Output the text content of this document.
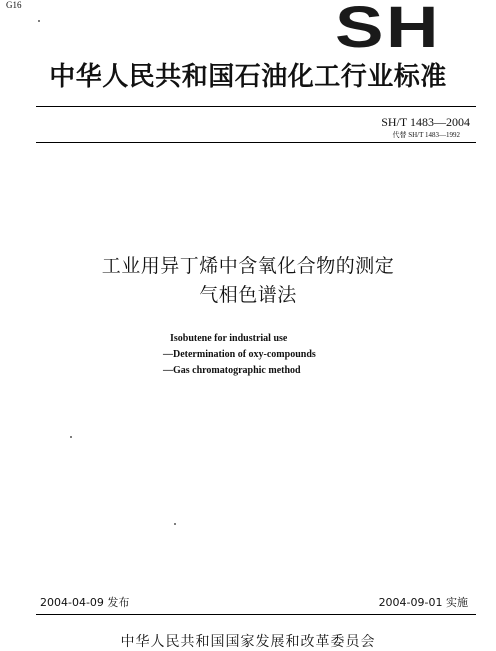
G16	SH
中华人民共和国石油化工行业标准
SH/T 1483—2004
代替 SH/T 1483—1992
工业用异丁烯中含氧化合物的测定
气相色谱法
Isobutene for industrial use
—Determination of oxy-compounds
—Gas chromatographic method
2004-04-09 发布	2004-09-01 实施
中华人民共和国国家发展和改革委员会
